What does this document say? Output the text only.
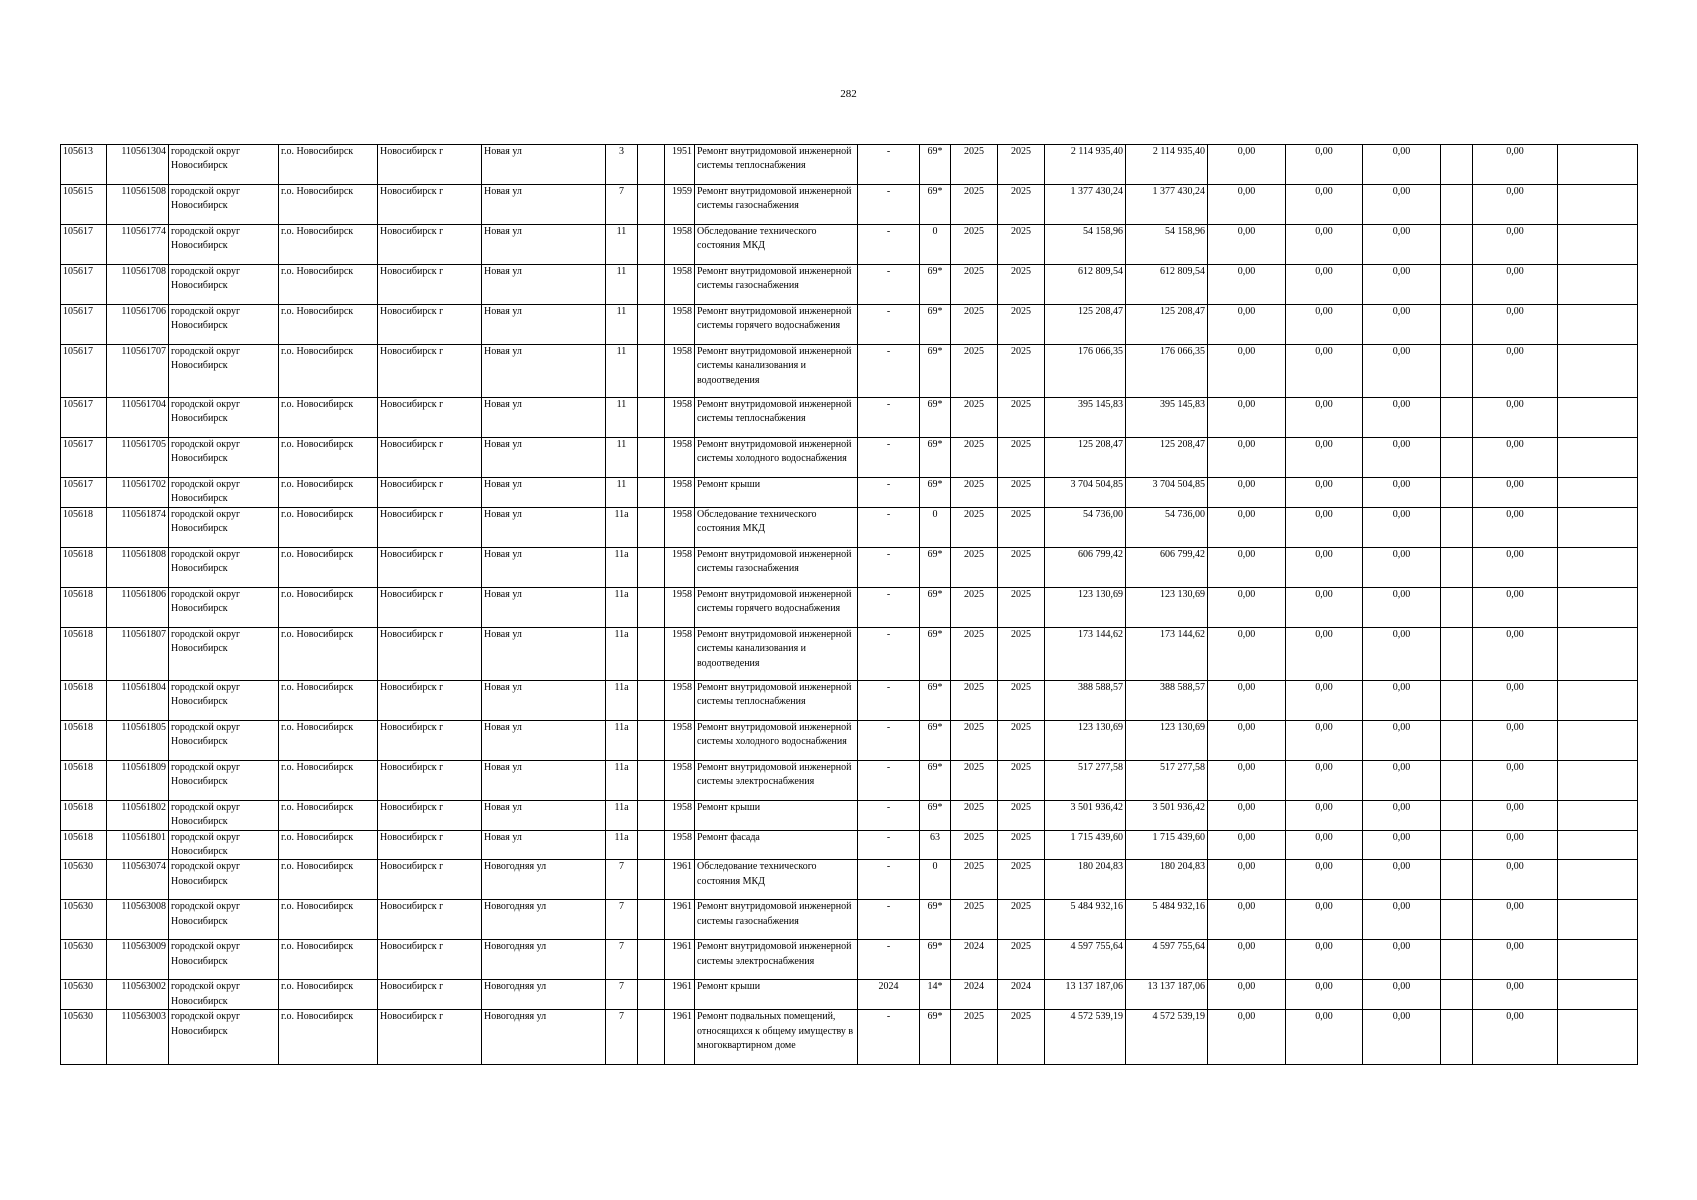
282
105613	110561304	городской округ Новосибирск	г.о. Новосибирск	Новосибирск г	Новая ул	3		1951	Ремонт внутридомовой инженерной системы теплоснабжения	-	69*	2025	2025	2 114 935,40	2 114 935,40	0,00	0,00	0,00		0,00	
105615	110561508	городской округ Новосибирск	г.о. Новосибирск	Новосибирск г	Новая ул	7		1959	Ремонт внутридомовой инженерной системы газоснабжения	-	69*	2025	2025	1 377 430,24	1 377 430,24	0,00	0,00	0,00		0,00	
105617	110561774	городской округ Новосибирск	г.о. Новосибирск	Новосибирск г	Новая ул	11		1958	Обследование технического состояния МКД	-	0	2025	2025	54 158,96	54 158,96	0,00	0,00	0,00		0,00	
105617	110561708	городской округ Новосибирск	г.о. Новосибирск	Новосибирск г	Новая ул	11		1958	Ремонт внутридомовой инженерной системы газоснабжения	-	69*	2025	2025	612 809,54	612 809,54	0,00	0,00	0,00		0,00	
105617	110561706	городской округ Новосибирск	г.о. Новосибирск	Новосибирск г	Новая ул	11		1958	Ремонт внутридомовой инженерной системы горячего водоснабжения	-	69*	2025	2025	125 208,47	125 208,47	0,00	0,00	0,00		0,00	
105617	110561707	городской округ Новосибирск	г.о. Новосибирск	Новосибирск г	Новая ул	11		1958	Ремонт внутридомовой инженерной системы канализования и водоотведения	-	69*	2025	2025	176 066,35	176 066,35	0,00	0,00	0,00		0,00	
105617	110561704	городской округ Новосибирск	г.о. Новосибирск	Новосибирск г	Новая ул	11		1958	Ремонт внутридомовой инженерной системы теплоснабжения	-	69*	2025	2025	395 145,83	395 145,83	0,00	0,00	0,00		0,00	
105617	110561705	городской округ Новосибирск	г.о. Новосибирск	Новосибирск г	Новая ул	11		1958	Ремонт внутридомовой инженерной системы холодного водоснабжения	-	69*	2025	2025	125 208,47	125 208,47	0,00	0,00	0,00		0,00	
105617	110561702	городской округ Новосибирск	г.о. Новосибирск	Новосибирск г	Новая ул	11		1958	Ремонт крыши	-	69*	2025	2025	3 704 504,85	3 704 504,85	0,00	0,00	0,00		0,00	
105618	110561874	городской округ Новосибирск	г.о. Новосибирск	Новосибирск г	Новая ул	11а		1958	Обследование технического состояния МКД	-	0	2025	2025	54 736,00	54 736,00	0,00	0,00	0,00		0,00	
105618	110561808	городской округ Новосибирск	г.о. Новосибирск	Новосибирск г	Новая ул	11а		1958	Ремонт внутридомовой инженерной системы газоснабжения	-	69*	2025	2025	606 799,42	606 799,42	0,00	0,00	0,00		0,00	
105618	110561806	городской округ Новосибирск	г.о. Новосибирск	Новосибирск г	Новая ул	11а		1958	Ремонт внутридомовой инженерной системы горячего водоснабжения	-	69*	2025	2025	123 130,69	123 130,69	0,00	0,00	0,00		0,00	
105618	110561807	городской округ Новосибирск	г.о. Новосибирск	Новосибирск г	Новая ул	11а		1958	Ремонт внутридомовой инженерной системы канализования и водоотведения	-	69*	2025	2025	173 144,62	173 144,62	0,00	0,00	0,00		0,00	
105618	110561804	городской округ Новосибирск	г.о. Новосибирск	Новосибирск г	Новая ул	11а		1958	Ремонт внутридомовой инженерной системы теплоснабжения	-	69*	2025	2025	388 588,57	388 588,57	0,00	0,00	0,00		0,00	
105618	110561805	городской округ Новосибирск	г.о. Новосибирск	Новосибирск г	Новая ул	11а		1958	Ремонт внутридомовой инженерной системы холодного водоснабжения	-	69*	2025	2025	123 130,69	123 130,69	0,00	0,00	0,00		0,00	
105618	110561809	городской округ Новосибирск	г.о. Новосибирск	Новосибирск г	Новая ул	11а		1958	Ремонт внутридомовой инженерной системы электроснабжения	-	69*	2025	2025	517 277,58	517 277,58	0,00	0,00	0,00		0,00	
105618	110561802	городской округ Новосибирск	г.о. Новосибирск	Новосибирск г	Новая ул	11а		1958	Ремонт крыши	-	69*	2025	2025	3 501 936,42	3 501 936,42	0,00	0,00	0,00		0,00	
105618	110561801	городской округ Новосибирск	г.о. Новосибирск	Новосибирск г	Новая ул	11а		1958	Ремонт фасада	-	63	2025	2025	1 715 439,60	1 715 439,60	0,00	0,00	0,00		0,00	
105630	110563074	городской округ Новосибирск	г.о. Новосибирск	Новосибирск г	Новогодняя ул	7		1961	Обследование технического состояния МКД	-	0	2025	2025	180 204,83	180 204,83	0,00	0,00	0,00		0,00	
105630	110563008	городской округ Новосибирск	г.о. Новосибирск	Новосибирск г	Новогодняя ул	7		1961	Ремонт внутридомовой инженерной системы газоснабжения	-	69*	2025	2025	5 484 932,16	5 484 932,16	0,00	0,00	0,00		0,00	
105630	110563009	городской округ Новосибирск	г.о. Новосибирск	Новосибирск г	Новогодняя ул	7		1961	Ремонт внутридомовой инженерной системы электроснабжения	-	69*	2024	2025	4 597 755,64	4 597 755,64	0,00	0,00	0,00		0,00	
105630	110563002	городской округ Новосибирск	г.о. Новосибирск	Новосибирск г	Новогодняя ул	7		1961	Ремонт крыши	2024	14*	2024	2024	13 137 187,06	13 137 187,06	0,00	0,00	0,00		0,00	
105630	110563003	городской округ Новосибирск	г.о. Новосибирск	Новосибирск г	Новогодняя ул	7		1961	Ремонт подвальных помещений, относящихся к общему имуществу в многоквартирном доме	-	69*	2025	2025	4 572 539,19	4 572 539,19	0,00	0,00	0,00		0,00	
